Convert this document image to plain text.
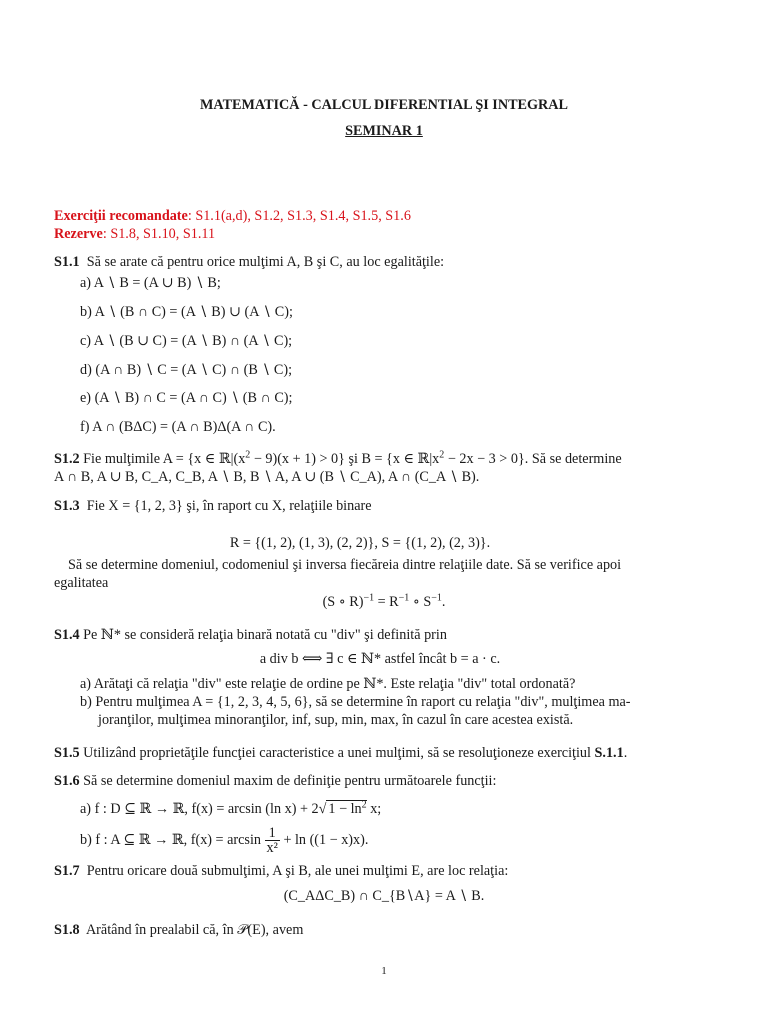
MATEMATICĂ - CALCUL DIFERENTIAL ŞI INTEGRAL
SEMINAR 1
Exerciţii recomandate: S1.1(a,d), S1.2, S1.3, S1.4, S1.5, S1.6
Rezerve: S1.8, S1.10, S1.11
S1.1 Să se arate că pentru orice mulţimi A, B şi C, au loc egalităţile:
a) A ∖ B = (A ∪ B) ∖ B;
b) A ∖ (B ∩ C) = (A ∖ B) ∪ (A ∖ C);
c) A ∖ (B ∪ C) = (A ∖ B) ∩ (A ∖ C);
d) (A ∩ B) ∖ C = (A ∖ C) ∩ (B ∖ C);
e) (A ∖ B) ∩ C = (A ∩ C) ∖ (B ∩ C);
f) A ∩ (BΔC) = (A ∩ B)Δ(A ∩ C).
S1.2 Fie mulţimile A = {x ∈ $ℝ|(x^2 - 9)(x + 1) > 0$} şi B = {x ∈ $ℝ|x^2 - 2x - 3 > 0$}. Să se determine
A ∩ B, A ∪ B, C_A, C_B, A ∖ B, B ∖ A, A ∪ (B ∖ C_A), A ∩ (C_A ∖ B).
S1.3 Fie X = {1, 2, 3} şi, în raport cu X, relaţiile binare
R = {(1, 2), (1, 3), (2, 2)}, S = {(1, 2), (2, 3)}.
Să se determine domeniul, codomeniul şi inversa fiecăreia dintre relaţiile date. Să se verifice apoi
egalitatea
(S ∘ $R)^{-1} = R^{-1}$ ∘ $S^{-1}$.
S1.4 Pe ℕ* se consideră relaţia binară notată cu "div" şi definită prin
a div b ⟺ ∃ c ∈ ℕ* astfel încât b = a · c.
a) Arătaţi că relaţia "div" este relaţie de ordine pe ℕ*. Este relaţia "div" total ordonată?
b) Pentru mulţimea A = {1, 2, 3, 4, 5, 6}, să se determine în raport cu relaţia "div", mulţimea ma-
joranţilor, mulţimea minoranţilor, inf, sup, min, max, în cazul în care acestea există.
S1.5 Utilizând proprietăţile funcţiei caracteristice a unei mulţimi, să se resoluţioneze exerciţiul S.1.1.
S1.6 Să se determine domeniul maxim de definiţie pentru următoarele funcţii:
a) f : D ⊆ ℝ → ℝ, f(x) = arcsin (ln x) + 2√ $1 - \ln^2 x$;
b) f : A ⊆ ℝ → ℝ, $f(x) = \arcsin \frac{1}{\text{x²}} + \ln ((1 - x)x)$.
S1.7 Pentru oricare două submulţimi, A şi B, ale unei mulţimi E, are loc relaţia:
(C_AΔC_B) ∩ C_{B∖A} = A ∖ B.
S1.8 Arătând în prealabil că, în 𝒫(E), avem
1
